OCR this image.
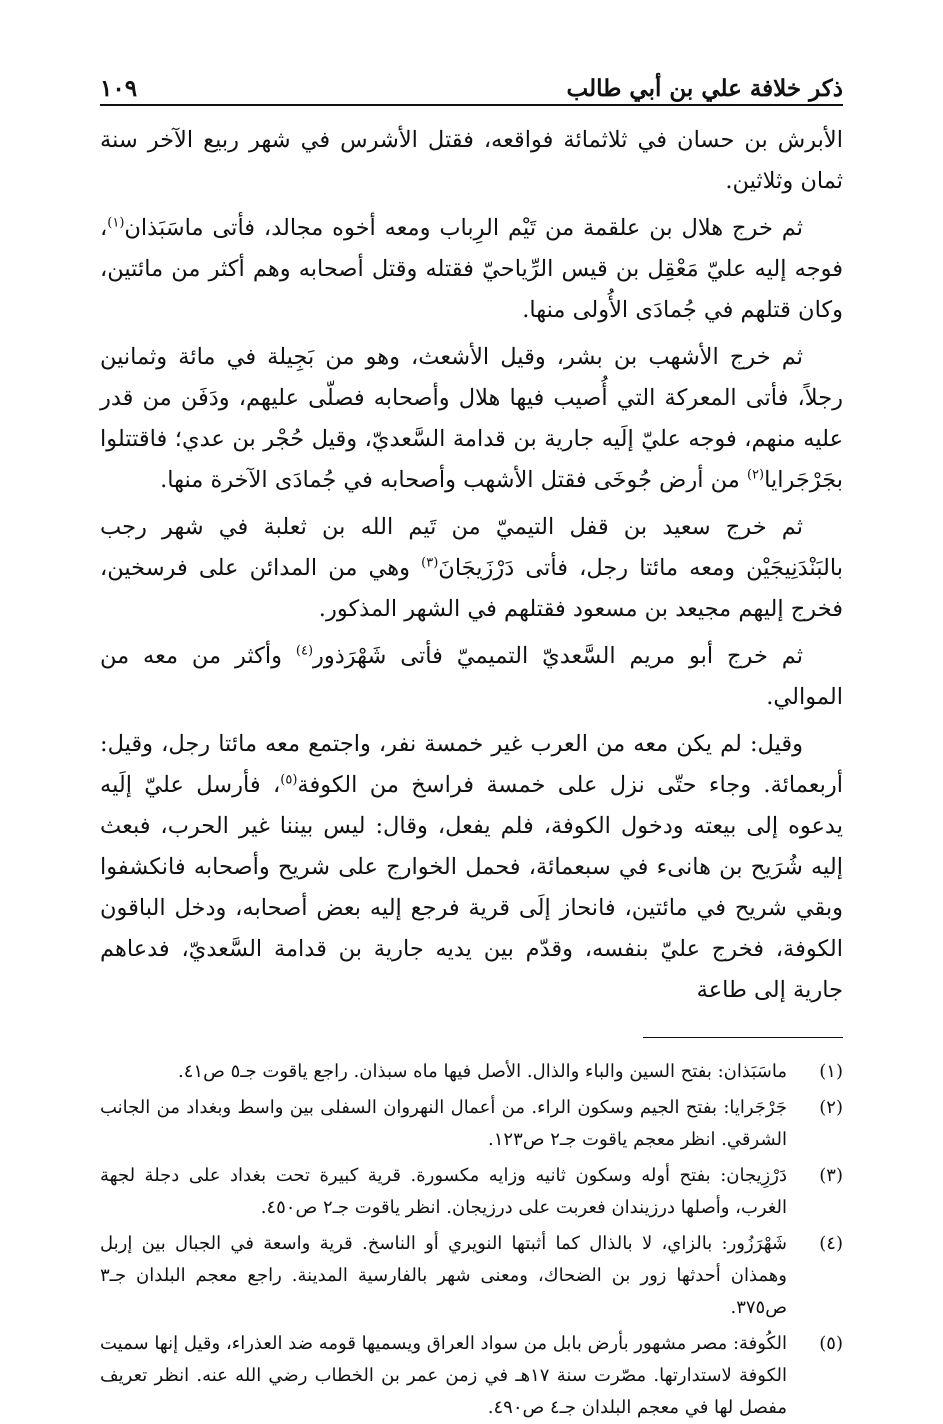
ذكر خلافة علي بن أبي طالب
١٠٩

الأبرش بن حسان في ثلاثمائة فواقعه، فقتل الأشرس في شهر ربيع الآخر سنة ثمان وثلاثين.

ثم خرج هلال بن علقمة من تَيْم الرِباب ومعه أخوه مجالد، فأتى ماسَبَذان$^{(١)}$، فوجه إليه عليّ مَعْقِل بن قيس الرِّياحيّ فقتله وقتل أصحابه وهم أكثر من مائتين، وكان قتلهم في جُمادَى الأُولى منها.

ثم خرج الأشهب بن بشر، وقيل الأشعث، وهو من بَجِيلة في مائة وثمانين رجلاً، فأتى المعركة التي أُصيب فيها هلال وأصحابه فصلّى عليهم، ودَفَن من قدر عليه منهم، فوجه عليّ إلَيه جارية بن قدامة السَّعديّ، وقيل حُجْر بن عدي؛ فاقتتلوا بجَرْجَرايا$^{(٢)}$ من أرض جُوخَى فقتل الأشهب وأصحابه في جُمادَى الآخرة منها.

ثم خرج سعيد بن قفل التيميّ من تَيم الله بن ثعلبة في شهر رجب بالبَنْدَنِيجَيْن ومعه مائتا رجل، فأتى دَرْزَيجَانَ$^{(٣)}$ وهي من المدائن على فرسخين، فخرج إليهم مجيعد بن مسعود فقتلهم في الشهر المذكور.

ثم خرج أبو مريم السَّعديّ التميميّ فأتى شَهْرَذور$^{(٤)}$ وأكثر من معه من الموالي.

وقيل: لم يكن معه من العرب غير خمسة نفر، واجتمع معه مائتا رجل، وقيل: أربعمائة. وجاء حتّى نزل على خمسة فراسخ من الكوفة$^{(٥)}$، فأرسل عليّ إلَيه يدعوه إلى بيعته ودخول الكوفة، فلم يفعل، وقال: ليس بيننا غير الحرب، فبعث إليه شُرَيح بن هانىء في سبعمائة، فحمل الخوارج على شريح وأصحابه فانكشفوا وبقي شريح في مائتين، فانحاز إلَى قرية فرجع إليه بعض أصحابه، ودخل الباقون الكوفة، فخرج عليّ بنفسه، وقدّم بين يديه جارية بن قدامة السَّعديّ، فدعاهم جارية إلى طاعة

(١)
ماسَبَذان: بفتح السين والباء والذال. الأصل فيها ماه سبذان. راجع ياقوت جـ٥ ص٤١.
(٢)
جَرْجَرايا: بفتح الجيم وسكون الراء. من أعمال النهروان السفلى بين واسط وبغداد من الجانب الشرقي. انظر معجم ياقوت جـ٢ ص١٢٣.
(٣)
دَرْزِيجان: بفتح أوله وسكون ثانيه وزايه مكسورة. قرية كبيرة تحت بغداد على دجلة لجهة الغرب، وأصلها درزيندان فعربت على درزيجان. انظر ياقوت جـ٢ ص٤٥٠.
(٤)
شَهْرَزُور: بالزاي، لا بالذال كما أثبتها النويري أو الناسخ. قرية واسعة في الجبال بين إربل وهمذان أحدثها زور بن الضحاك، ومعنى شهر بالفارسية المدينة. راجع معجم البلدان جـ٣ ص٣٧٥.
(٥)
الكُوفة: مصر مشهور بأرض بابل من سواد العراق ويسميها قومه ضد العذراء، وقيل إنها سميت الكوفة لاستدارتها. مصّرت سنة ١٧هـ في زمن عمر بن الخطاب رضي الله عنه. انظر تعريف مفصل لها في معجم البلدان جـ٤ ص٤٩٠.
